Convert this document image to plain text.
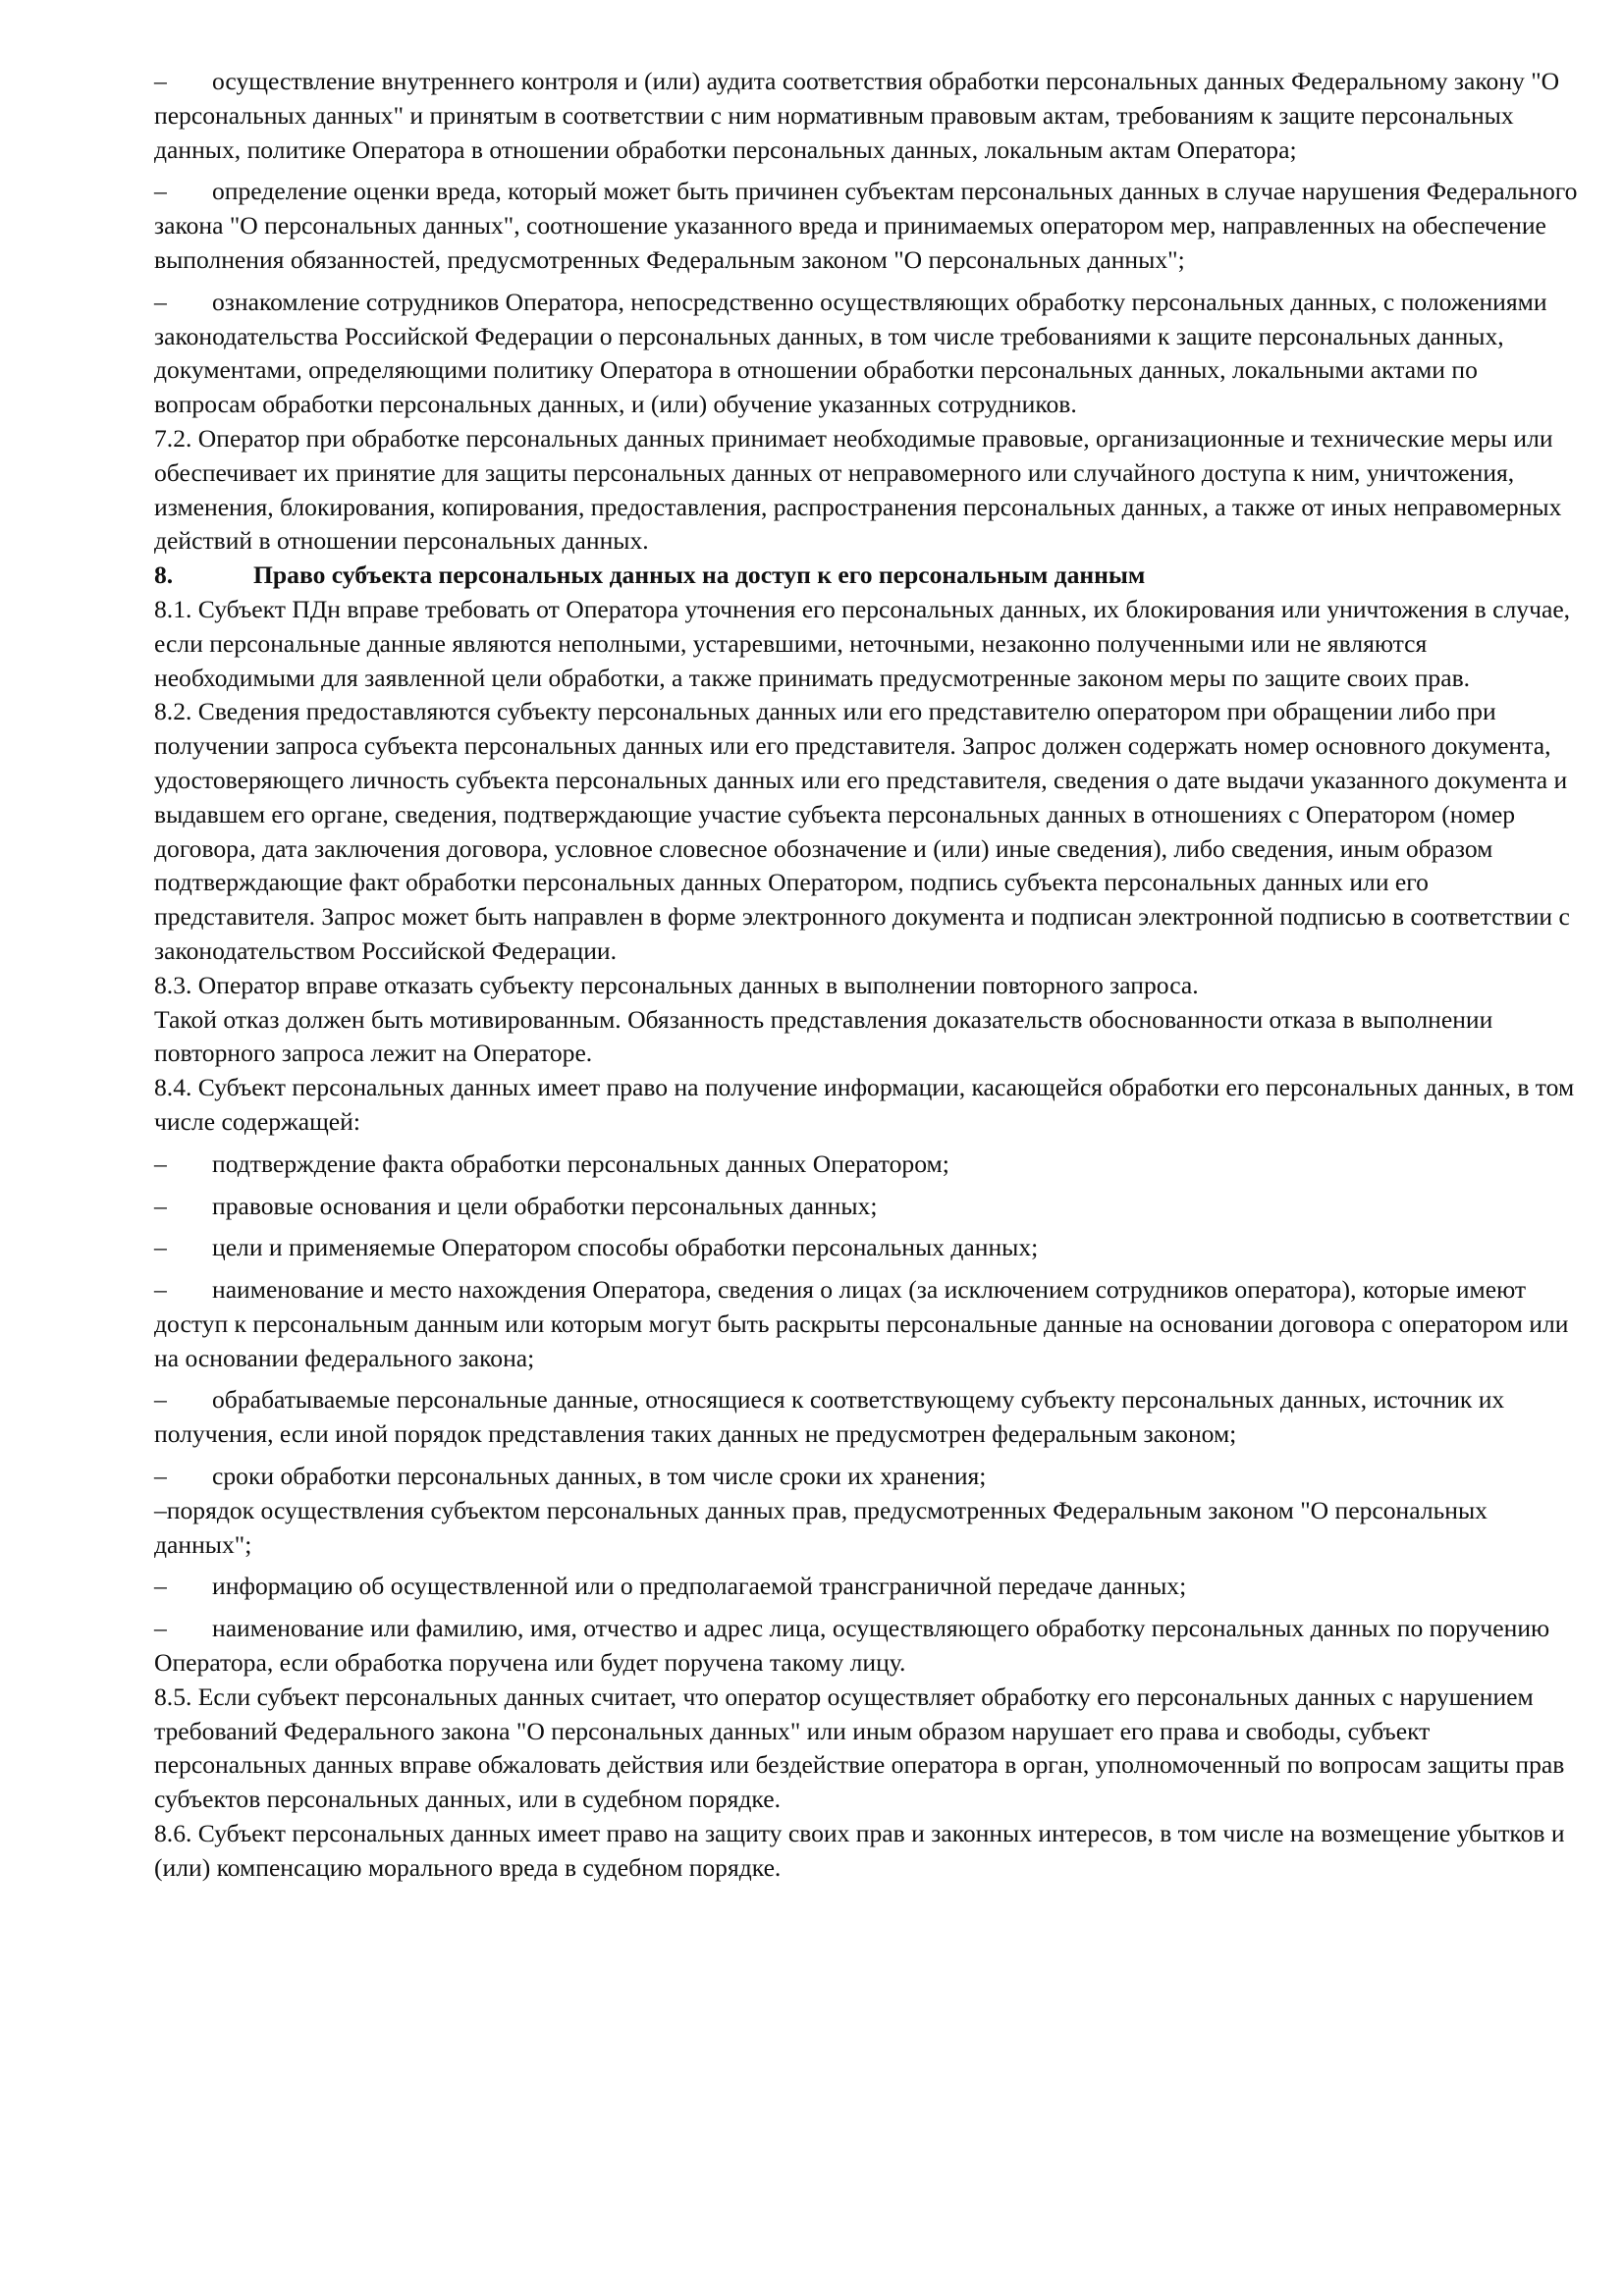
– осуществление внутреннего контроля и (или) аудита соответствия обработки персональных данных Федеральному закону "О персональных данных" и принятым в соответствии с ним нормативным правовым актам, требованиям к защите персональных данных, политике Оператора в отношении обработки персональных данных, локальным актам Оператора;

– определение оценки вреда, который может быть причинен субъектам персональных данных в случае нарушения Федерального закона "О персональных данных", соотношение указанного вреда и принимаемых оператором мер, направленных на обеспечение выполнения обязанностей, предусмотренных Федеральным законом "О персональных данных";

– ознакомление сотрудников Оператора, непосредственно осуществляющих обработку персональных данных, с положениями законодательства Российской Федерации о персональных данных, в том числе требованиями к защите персональных данных, документами, определяющими политику Оператора в отношении обработки персональных данных, локальными актами по вопросам обработки персональных данных, и (или) обучение указанных сотрудников.

7.2. Оператор при обработке персональных данных принимает необходимые правовые, организационные и технические меры или обеспечивает их принятие для защиты персональных данных от неправомерного или случайного доступа к ним, уничтожения, изменения, блокирования, копирования, предоставления, распространения персональных данных, а также от иных неправомерных действий в отношении персональных данных.

8.	Право субъекта персональных данных на доступ к его персональным данным

8.1. Субъект ПДн вправе требовать от Оператора уточнения его персональных данных, их блокирования или уничтожения в случае, если персональные данные являются неполными, устаревшими, неточными, незаконно полученными или не являются необходимыми для заявленной цели обработки, а также принимать предусмотренные законом меры по защите своих прав.

8.2. Сведения предоставляются субъекту персональных данных или его представителю оператором при обращении либо при получении запроса субъекта персональных данных или его представителя. Запрос должен содержать номер основного документа, удостоверяющего личность субъекта персональных данных или его представителя, сведения о дате выдачи указанного документа и выдавшем его органе, сведения, подтверждающие участие субъекта персональных данных в отношениях с Оператором (номер договора, дата заключения договора, условное словесное обозначение и (или) иные сведения), либо сведения, иным образом подтверждающие факт обработки персональных данных Оператором, подпись субъекта персональных данных или его представителя. Запрос может быть направлен в форме электронного документа и подписан электронной подписью в соответствии с законодательством Российской Федерации.

8.3. Оператор вправе отказать субъекту персональных данных в выполнении повторного запроса.

Такой отказ должен быть мотивированным. Обязанность представления доказательств обоснованности отказа в выполнении повторного запроса лежит на Операторе.

8.4. Субъект персональных данных имеет право на получение информации, касающейся обработки его персональных данных, в том числе содержащей:

– подтверждение факта обработки персональных данных Оператором;

– правовые основания и цели обработки персональных данных;

– цели и применяемые Оператором способы обработки персональных данных;

– наименование и место нахождения Оператора, сведения о лицах (за исключением сотрудников оператора), которые имеют доступ к персональным данным или которым могут быть раскрыты персональные данные на основании договора с оператором или на основании федерального закона;

– обрабатываемые персональные данные, относящиеся к соответствующему субъекту персональных данных, источник их получения, если иной порядок представления таких данных не предусмотрен федеральным законом;

– сроки обработки персональных данных, в том числе сроки их хранения;

–порядок осуществления субъектом персональных данных прав, предусмотренных Федеральным законом "О персональных данных";

– информацию об осуществленной или о предполагаемой трансграничной передаче данных;

– наименование или фамилию, имя, отчество и адрес лица, осуществляющего обработку персональных данных по поручению Оператора, если обработка поручена или будет поручена такому лицу.

8.5. Если субъект персональных данных считает, что оператор осуществляет обработку его персональных данных с нарушением требований Федерального закона "О персональных данных" или иным образом нарушает его права и свободы, субъект персональных данных вправе обжаловать действия или бездействие оператора в орган, уполномоченный по вопросам защиты прав субъектов персональных данных, или в судебном порядке.

8.6. Субъект персональных данных имеет право на защиту своих прав и законных интересов, в том числе на возмещение убытков и (или) компенсацию морального вреда в судебном порядке.
